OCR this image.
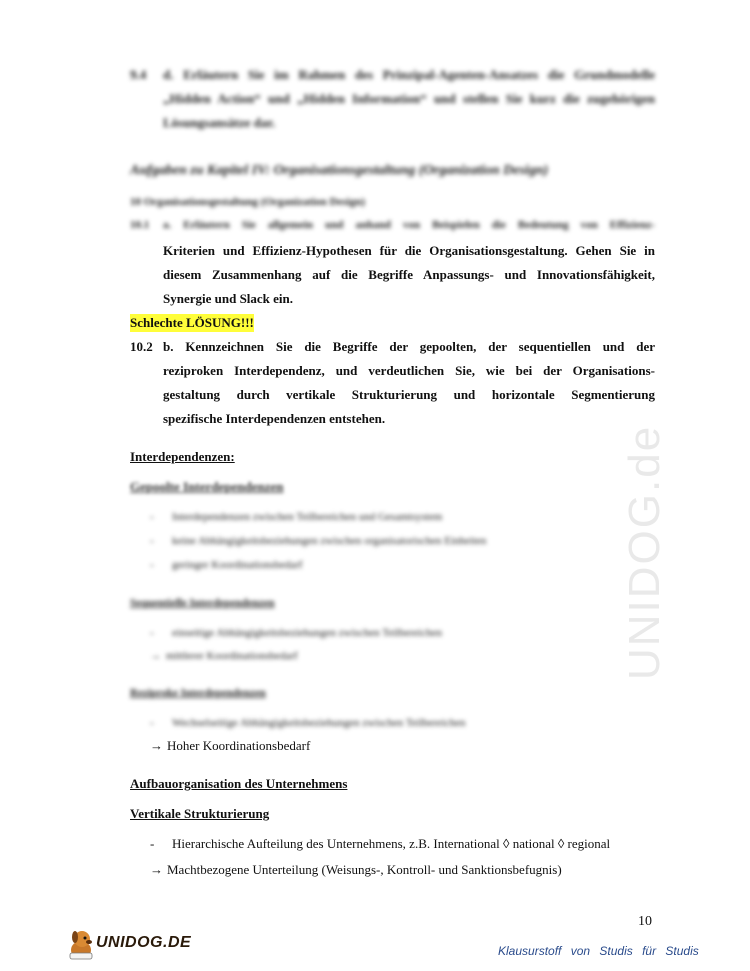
UNIDOG.de
9.4 d. Erläutern Sie im Rahmen des Prinzipal-Agenten-Ansatzes die Grundmodelle
„Hidden Action“ und „Hidden Information“ und stellen Sie kurz die zugehörigen
Lösungsansätze dar.
Aufgaben zu Kapitel IV: Organisationsgestaltung (Organization Design)
10 Organisationsgestaltung (Organization Design)
10.1 a. Erläutern Sie allgemein und anhand von Beispielen die Bedeutung von Effizienz-
Kriterien und Effizienz-Hypothesen für die Organisationsgestaltung. Gehen Sie in
diesem Zusammenhang auf die Begriffe Anpassungs- und Innovationsfähigkeit,
Synergie und Slack ein.
Schlechte LÖSUNG!!!
10.2 b. Kennzeichnen Sie die Begriffe der gepoolten, der sequentiellen und der
reziproken Interdependenz, und verdeutlichen Sie, wie bei der Organisations-
gestaltung durch vertikale Strukturierung und horizontale Segmentierung
spezifische Interdependenzen entstehen.
Interdependenzen:
Gepoolte Interdependenzen
- Interdependenzen zwischen Teilbereichen und Gesamtsystem
- keine Abhängigkeitsbeziehungen zwischen organisatorischen Einheiten
- geringer Koordinationsbedarf
Sequentielle Interdependenzen
- einseitige Abhängigkeitsbeziehungen zwischen Teilbereichen
→ mittlerer Koordinationsbedarf
Reziproke Interdependenzen
- Wechselseitige Abhängigkeitsbeziehungen zwischen Teilbereichen
→ Hoher Koordinationsbedarf
Aufbauorganisation des Unternehmens
Vertikale Strukturierung
- Hierarchische Aufteilung des Unternehmens, z.B. International ◊ national ◊ regional
→ Machtbezogene Unterteilung (Weisungs-, Kontroll- und Sanktionsbefugnis)
10
UNIDOG.DE	Klausurstoff von Studis für Studis
